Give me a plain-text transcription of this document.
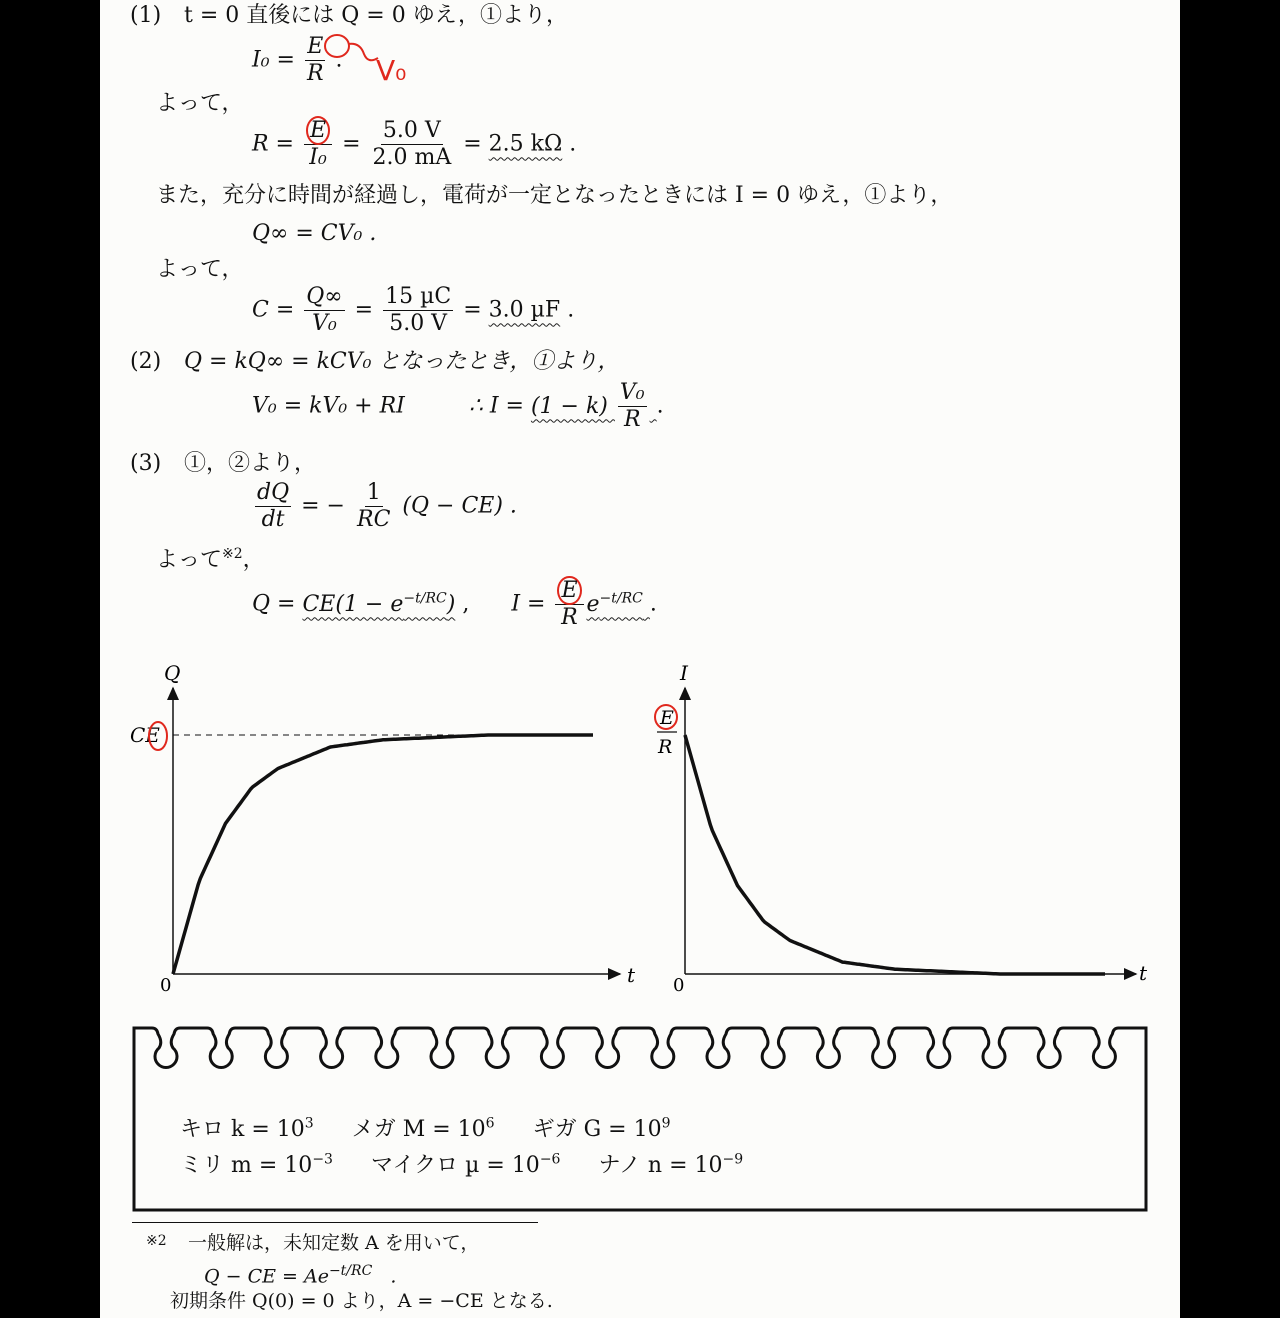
(1) t = 0 直後には Q = 0 ゆえ，①より，
$I_0 = \frac{E}{R}$ . V₀
よって，
$R = \frac{E}{\text{I₀}} = \frac{5.0 V}{2.0 mA} = 2.5$ kΩ .
また，充分に時間が経過し，電荷が一定となったときには I = 0 ゆえ，①より，
Q∞ = CV₀ .
よって，
$C = \frac{Q\infty}{\text{V₀}} = \frac{\text{15 µC}}{5.0 V} = 3.0$ µF .
(2) Q = kQ∞ = kCV₀ となったとき，①より，
V₀ = kV₀ + RI	∴ $I = (1 - k) \frac{\text{V₀}}{R}$ .
(3) ①，②より，
$\frac{dQ}{dt}$ = − $\frac{1}{RC} (Q - CE)$ .
よって$^{※2}$，
$Q = CE(1 - e^{-t/RC})$ , $I = \frac{E}{R} e^{-t/RC}$ .
Q
t
0
CE
I
t
0
E
R
キロ $k = 10^3$ メガ $M = 10^6$ ギガ $G = 10^9$
ミリ $m = 10^{-3}$ マイクロ $\mu = 10^{-6}$ ナノ $n = 10^{-9}$
$^{※2}$ 一般解は，未知定数 A を用いて，
Q − CE = $Ae^{-t/RC}$ .
初期条件 Q(0) = 0 より，A = −CE となる.
